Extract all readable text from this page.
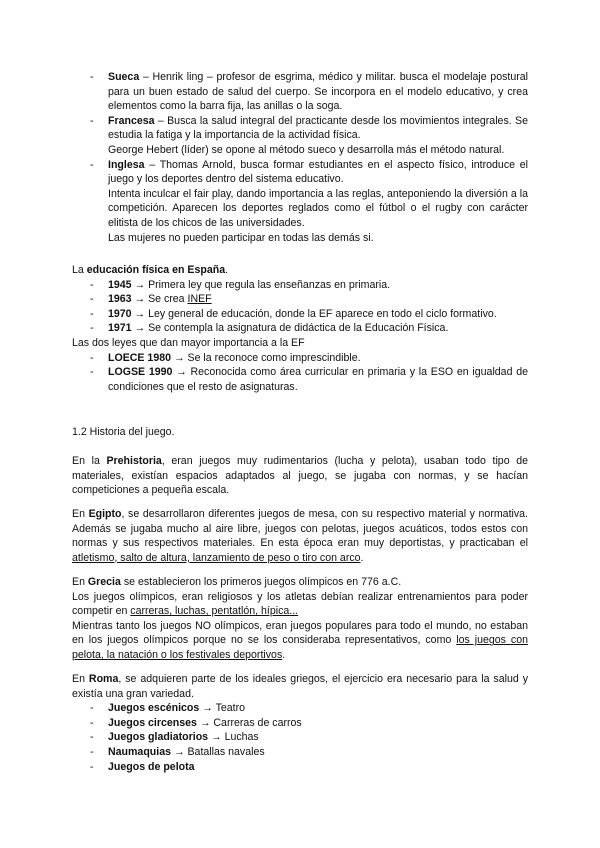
- Sueca – Henrik ling – profesor de esgrima, médico y militar. busca el modelaje postural para un buen estado de salud del cuerpo. Se incorpora en el modelo educativo, y crea elementos como la barra fija, las anillas o la soga.
- Francesa – Busca la salud integral del practicante desde los movimientos integrales. Se estudia la fatiga y la importancia de la actividad física.

George Hebert (líder) se opone al método sueco y desarrolla más el método natural.

- Inglesa – Thomas Arnold, busca formar estudiantes en el aspecto físico, introduce el juego y los deportes dentro del sistema educativo.

Intenta inculcar el fair play, dando importancia a las reglas, anteponiendo la diversión a la competición. Aparecen los deportes reglados como el fútbol o el rugby con carácter elitista de los chicos de las universidades.

Las mujeres no pueden participar en todas las demás si.

La educación física en España.

- 1945 → Primera ley que regula las enseñanzas en primaria.
- 1963 → Se crea INEF
- 1970 → Ley general de educación, donde la EF aparece en todo el ciclo formativo.
- 1971 → Se contempla la asignatura de didáctica de la Educación Física.

Las dos leyes que dan mayor importancia a la EF

- LOECE 1980 → Se la reconoce como imprescindible.
- LOGSE 1990 → Reconocida como área curricular en primaria y la ESO en igualdad de condiciones que el resto de asignaturas.
1.2 Historia del juego.
En la Prehistoria, eran juegos muy rudimentarios (lucha y pelota), usaban todo tipo de materiales, existían espacios adaptados al juego, se jugaba con normas, y se hacían competiciones a pequeña escala.
En Egipto, se desarrollaron diferentes juegos de mesa, con su respectivo material y normativa. Además se jugaba mucho al aire libre, juegos con pelotas, juegos acuáticos, todos estos con normas y sus respectivos materiales. En esta época eran muy deportistas, y practicaban el atletismo, salto de altura, lanzamiento de peso o tiro con arco.

En Grecia se establecieron los primeros juegos olímpicos en 776 a.C.

Los juegos olímpicos, eran religiosos y los atletas debían realizar entrenamientos para poder competir en carreras, luchas, pentatlón, hípica...

Mientras tanto los juegos NO olímpicos, eran juegos populares para todo el mundo, no estaban en los juegos olímpicos porque no se los consideraba representativos, como los juegos con pelota, la natación o los festivales deportivos.

En Roma, se adquieren parte de los ideales griegos, el ejercicio era necesario para la salud y existía una gran variedad.

- Juegos escénicos → Teatro
- Juegos circenses → Carreras de carros
- Juegos gladiatorios → Luchas
- Naumaquias → Batallas navales
- Juegos de pelota
